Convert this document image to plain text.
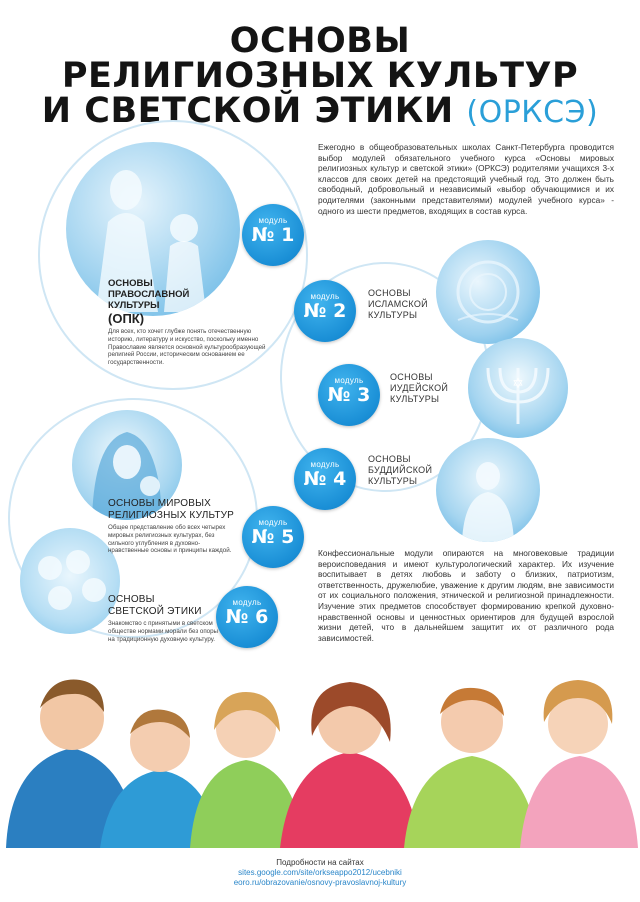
ОСНОВЫ
РЕЛИГИОЗНЫХ КУЛЬТУР
И СВЕТСКОЙ ЭТИКИ (ОРКСЭ)
✡
Ежегодно в общеобразовательных школах Санкт-Петербурга проводится выбор модулей обязательного учебного курса «Основы мировых религиозных культур и светской этики» (ОРКСЭ) родителями учащихся 3-х классов для своих детей на предстоящий учебный год. Это должен быть свободный, добровольный и независимый «выбор обучающимися и их родителями (законными представителями) модулей учебного курса» - одного из шести предметов, входящих в состав курса.
модуль
№ 1
модуль
№ 2
модуль
№ 3
модуль
№ 4
модуль
№ 5
модуль
№ 6
ОСНОВЫ
ПРАВОСЛАВНОЙ
КУЛЬТУРЫ
(ОПК)
Для всех, кто хочет глубже понять отечественную историю, литературу и искусство, поскольку именно Православие является основной культурообразующей религией России, историческим основанием ее государственности.
ОСНОВЫ
ИСЛАМСКОЙ
КУЛЬТУРЫ
ОСНОВЫ
ИУДЕЙСКОЙ
КУЛЬТУРЫ
ОСНОВЫ
БУДДИЙСКОЙ
КУЛЬТУРЫ
ОСНОВЫ МИРОВЫХ
РЕЛИГИОЗНЫХ КУЛЬТУР
Общее представление обо всех четырех мировых религиозных культурах, без сильного углубления в духовно-нравственные основы и принципы каждой.
ОСНОВЫ
СВЕТСКОЙ ЭТИКИ
Знакомство с принятыми в светском обществе нормами морали без опоры на традиционную духовную культуру.
Конфессиональные модули опираются на многовековые традиции вероисповедания и имеют культурологический характер. Их изучение воспитывает в детях любовь и заботу о близких, патриотизм, ответственность, дружелюбие, уважение к другим людям, вне зависимости от их социального положения, этнической и религиозной принадлежности. Изучение этих предметов способствует формированию крепкой духовно-нравственной основы и ценностных ориентиров для будущей взрослой жизни детей, что в дальнейшем защитит их от различного рода зависимостей.
Подробности на сайтах
sites.google.com/site/orkseappo2012/ucebniki
eoro.ru/obrazovanie/osnovy-pravoslavnoj-kultury
